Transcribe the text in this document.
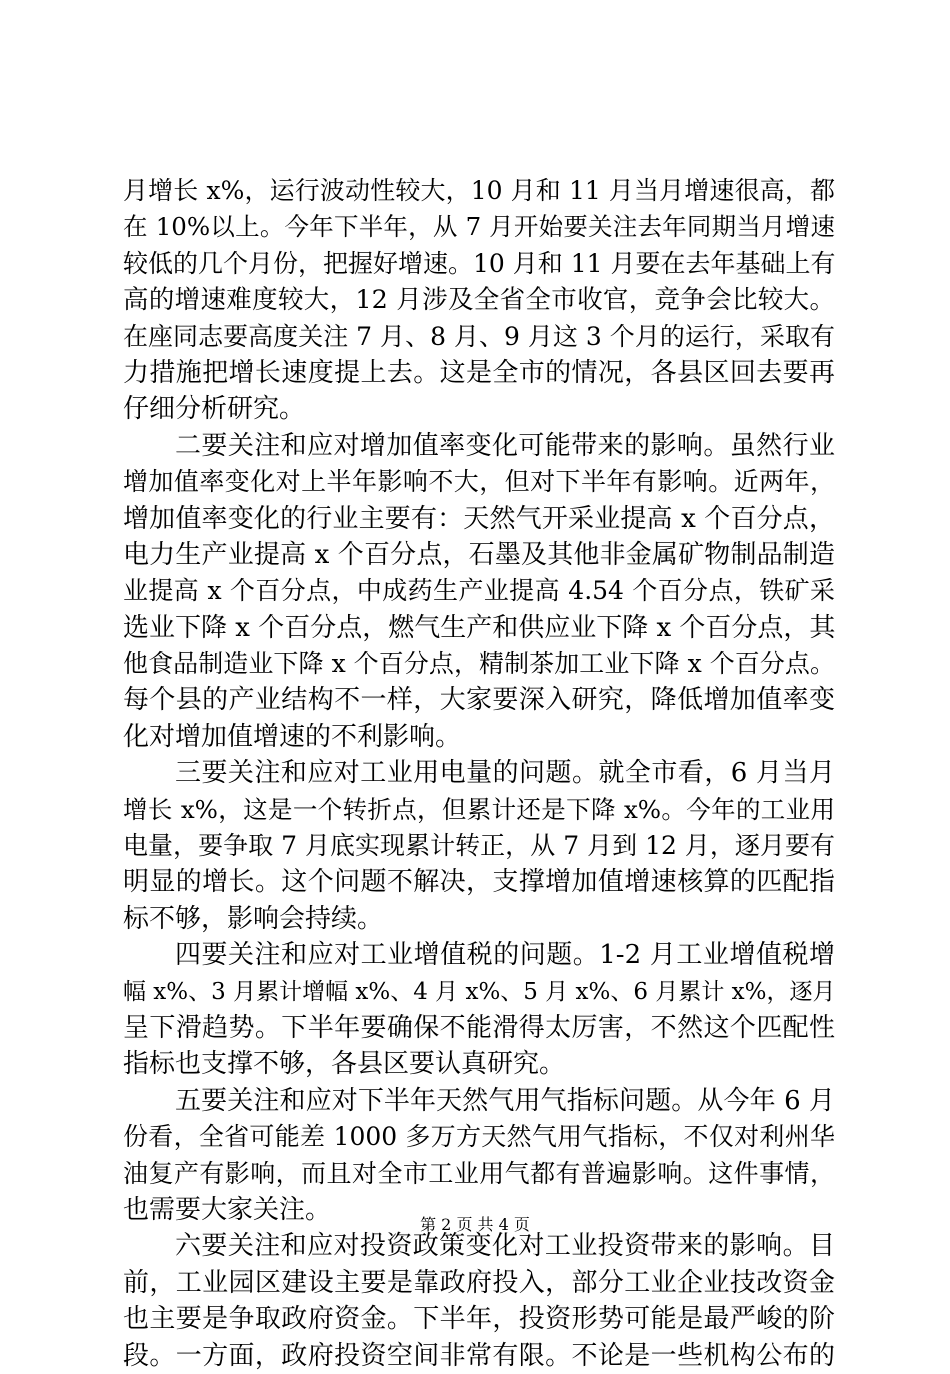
月增长 x%，运行波动性较大，10 月和 11 月当月增速很高，都
在 10%以上。今年下半年，从 7 月开始要关注去年同期当月增速
较低的几个月份，把握好增速。10 月和 11 月要在去年基础上有
高的增速难度较大，12 月涉及全省全市收官，竞争会比较大。
在座同志要高度关注 7 月、8 月、9 月这 3 个月的运行，采取有
力措施把增长速度提上去。这是全市的情况，各县区回去要再
仔细分析研究。
二要关注和应对增加值率变化可能带来的影响。虽然行业
增加值率变化对上半年影响不大，但对下半年有影响。近两年，
增加值率变化的行业主要有：天然气开采业提高 x 个百分点，
电力生产业提高 x 个百分点，石墨及其他非金属矿物制品制造
业提高 x 个百分点，中成药生产业提高 4.54 个百分点，铁矿采
选业下降 x 个百分点，燃气生产和供应业下降 x 个百分点，其
他食品制造业下降 x 个百分点，精制茶加工业下降 x 个百分点。
每个县的产业结构不一样，大家要深入研究，降低增加值率变
化对增加值增速的不利影响。
三要关注和应对工业用电量的问题。就全市看，6 月当月
增长 x%，这是一个转折点，但累计还是下降 x%。今年的工业用
电量，要争取 7 月底实现累计转正，从 7 月到 12 月，逐月要有
明显的增长。这个问题不解决，支撑增加值增速核算的匹配指
标不够，影响会持续。
四要关注和应对工业增值税的问题。1-2 月工业增值税增
幅 x%、3 月累计增幅 x%、4 月 x%、5 月 x%、6 月累计 x%，逐月
呈下滑趋势。下半年要确保不能滑得太厉害，不然这个匹配性
指标也支撑不够，各县区要认真研究。
五要关注和应对下半年天然气用气指标问题。从今年 6 月
份看，全省可能差 1000 多万方天然气用气指标，不仅对利州华
油复产有影响，而且对全市工业用气都有普遍影响。这件事情，
也需要大家关注。
六要关注和应对投资政策变化对工业投资带来的影响。目
前，工业园区建设主要是靠政府投入，部分工业企业技改资金
也主要是争取政府资金。下半年，投资形势可能是最严峻的阶
段。一方面，政府投资空间非常有限。不论是一些机构公布的
第 2 页 共 4 页
